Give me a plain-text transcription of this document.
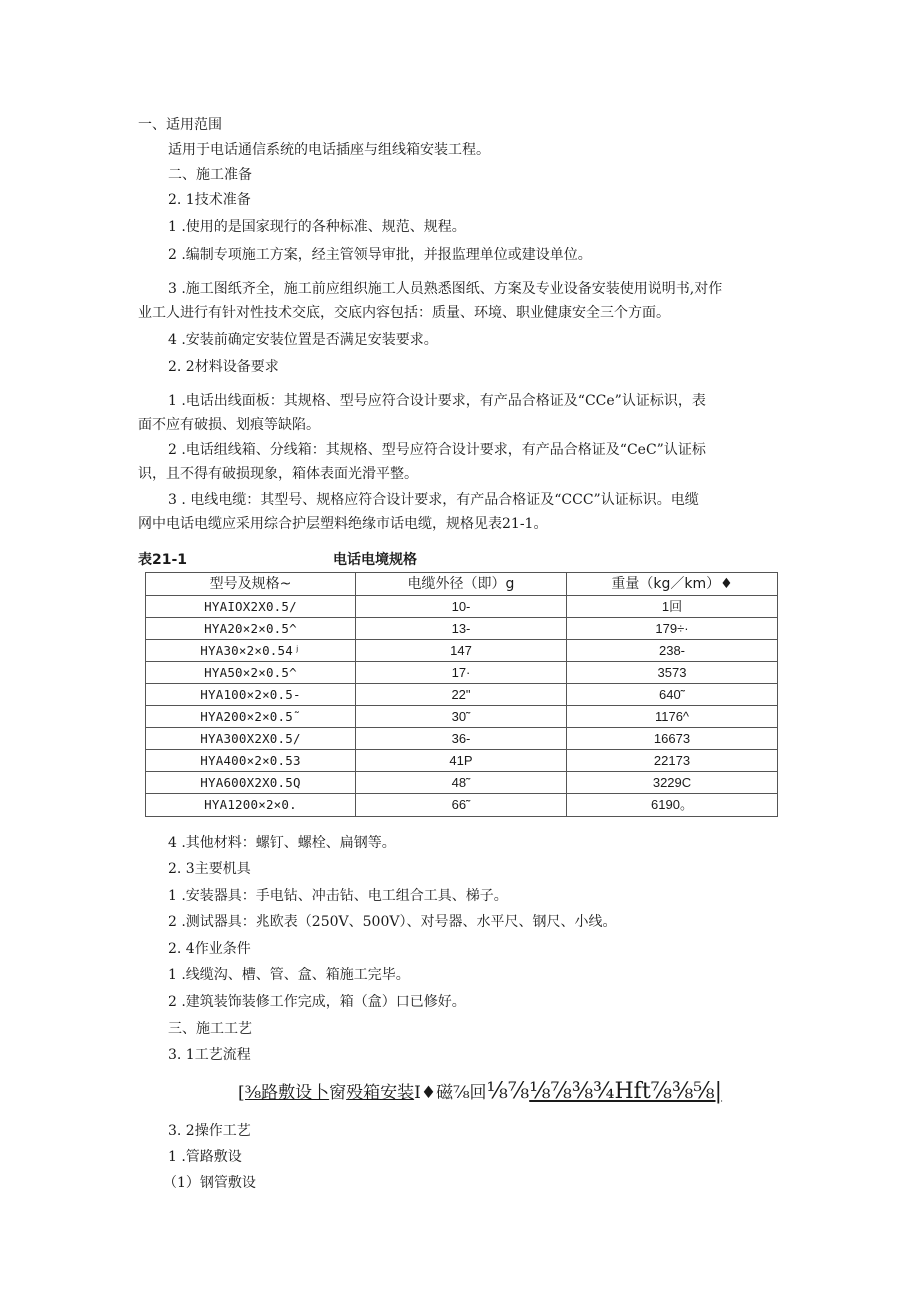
一、适用范围
适用于电话通信系统的电话插座与组线箱安装工程。
二、施工准备
2. 1技术准备
1 .使用的是国家现行的各种标准、规范、规程。
2 .编制专项施工方案，经主管领导审批，并报监理单位或建设单位。
3 .施工图纸齐全，施工前应组织施工人员熟悉图纸、方案及专业设备安装使用说明书,对作
业工人进行有针对性技术交底，交底内容包括：质量、环境、职业健康安全三个方面。
4 .安装前确定安装位置是否满足安装要求。
2. 2材料设备要求
1 .电话出线面板：其规格、型号应符合设计要求，有产品合格证及“CCe”认证标识，表
面不应有破损、划痕等缺陷。
2 .电话组线箱、分线箱：其规格、型号应符合设计要求，有产品合格证及“CeC”认证标
识，且不得有破损现象，箱体表面光滑平整。
3 . 电线电缆：其型号、规格应符合设计要求，有产品合格证及“CCC”认证标识。电缆
网中电话电缆应采用综合护层塑料绝缘市话电缆，规格见表21-1。
4 .其他材料：螺钉、螺栓、扁钢等。
2. 3主要机具
1 .安装器具：手电钻、冲击钻、电工组合工具、梯子。
2 .测试器具：兆欧表（250V、500V）、对号器、水平尺、钢尺、小线。
2. 4作业条件
1 .线缆沟、槽、管、盒、箱施工完毕。
2 .建筑装饰装修工作完成，箱（盒）口已修好。
三、施工工艺
3. 1工艺流程
3. 2操作工艺
1 .管路敷设
（1）钢管敷设
表21-1	电话电境规格
型号及规格~	电缆外径（即）g	重量（kg／km）♦
HYAIOX2X0.5/	10-	1回
HYA20×2×0.5^	13-	179÷·
HYA30×2×0.54ʲ	147	238-
HYA50×2×0.5^	17·	3573
HYA100×2×0.5-	22"	640˜
HYA200×2×0.5˜	30˜	1176^
HYA300X2X0.5/	36-	16673
HYA400×2×0.53	41P	22173
HYA600X2X0.5Q	48˜	3229C
HYA1200×2×0.	66˜	6190。
[⅜路敷设卜窗殁箱安装I♦磁⅞回⅛⅞⅛⅞⅜¾Hft⅞⅜⅝|
